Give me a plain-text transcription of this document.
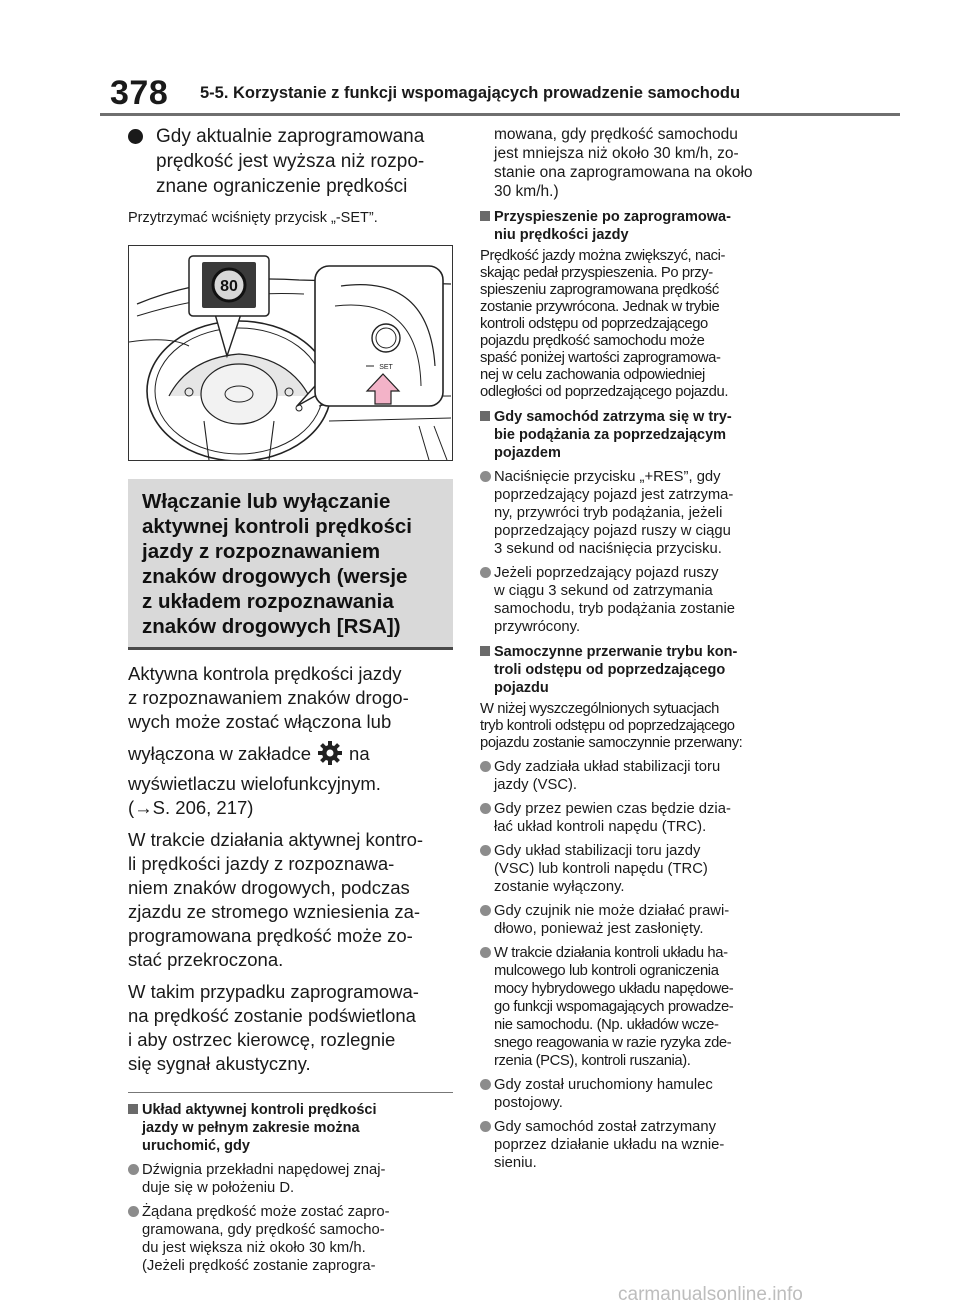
378 5-5. Korzystanie z funkcji wspomagających prowadzenie samochodu
Gdy aktualnie zaprogramowana
prędkość jest wyższa niż rozpo-
znane ograniczenie prędkości
Przytrzymać wciśnięty przycisk „-SET”.
80
SET
Włączanie lub wyłączanie
aktywnej kontroli prędkości
jazdy z rozpoznawaniem
znaków drogowych (wersje
z układem rozpoznawania
znaków drogowych [RSA])
Aktywna kontrola prędkości jazdy
z rozpoznawaniem znaków drogo-
wych może zostać włączona lub
wyłączona w zakładce na
wyświetlaczu wielofunkcyjnym.
(→S. 206, 217)
W trakcie działania aktywnej kontro-
li prędkości jazdy z rozpoznawa-
niem znaków drogowych, podczas
zjazdu ze stromego wzniesienia za-
programowana prędkość może zo-
stać przekroczona.
W takim przypadku zaprogramowa-
na prędkość zostanie podświetlona
i aby ostrzec kierowcę, rozlegnie
się sygnał akustyczny.
Układ aktywnej kontroli prędkości
jazdy w pełnym zakresie można
uruchomić, gdy
Dźwignia przekładni napędowej znaj-
duje się w położeniu D.
Żądana prędkość może zostać zapro-
gramowana, gdy prędkość samocho-
du jest większa niż około 30 km/h.
(Jeżeli prędkość zostanie zaprogra-
mowana, gdy prędkość samochodu
jest mniejsza niż około 30 km/h, zo-
stanie ona zaprogramowana na około
30 km/h.)
Przyspieszenie po zaprogramowa-
niu prędkości jazdy
Prędkość jazdy można zwiększyć, naci-
skając pedał przyspieszenia. Po przy-
spieszeniu zaprogramowana prędkość
zostanie przywrócona. Jednak w trybie
kontroli odstępu od poprzedzającego
pojazdu prędkość samochodu może
spaść poniżej wartości zaprogramowa-
nej w celu zachowania odpowiedniej
odległości od poprzedzającego pojazdu.
Gdy samochód zatrzyma się w try-
bie podążania za poprzedzającym
pojazdem
Naciśnięcie przycisku „+RES”, gdy
poprzedzający pojazd jest zatrzyma-
ny, przywróci tryb podążania, jeżeli
poprzedzający pojazd ruszy w ciągu
3 sekund od naciśnięcia przycisku.
Jeżeli poprzedzający pojazd ruszy
w ciągu 3 sekund od zatrzymania
samochodu, tryb podążania zostanie
przywrócony.
Samoczynne przerwanie trybu kon-
troli odstępu od poprzedzającego
pojazdu
W niżej wyszczególnionych sytuacjach
tryb kontroli odstępu od poprzedzającego
pojazdu zostanie samoczynnie przerwany:
Gdy zadziała układ stabilizacji toru
jazdy (VSC).
Gdy przez pewien czas będzie dzia-
łać układ kontroli napędu (TRC).
Gdy układ stabilizacji toru jazdy
(VSC) lub kontroli napędu (TRC)
zostanie wyłączony.
Gdy czujnik nie może działać prawi-
dłowo, ponieważ jest zasłonięty.
W trakcie działania kontroli układu ha-
mulcowego lub kontroli ograniczenia
mocy hybrydowego układu napędowe-
go funkcji wspomagających prowadze-
nie samochodu. (Np. układów wcze-
snego reagowania w razie ryzyka zde-
rzenia (PCS), kontroli ruszania).
Gdy został uruchomiony hamulec
postojowy.
Gdy samochód został zatrzymany
poprzez działanie układu na wznie-
sieniu.
carmanualsonline.info
